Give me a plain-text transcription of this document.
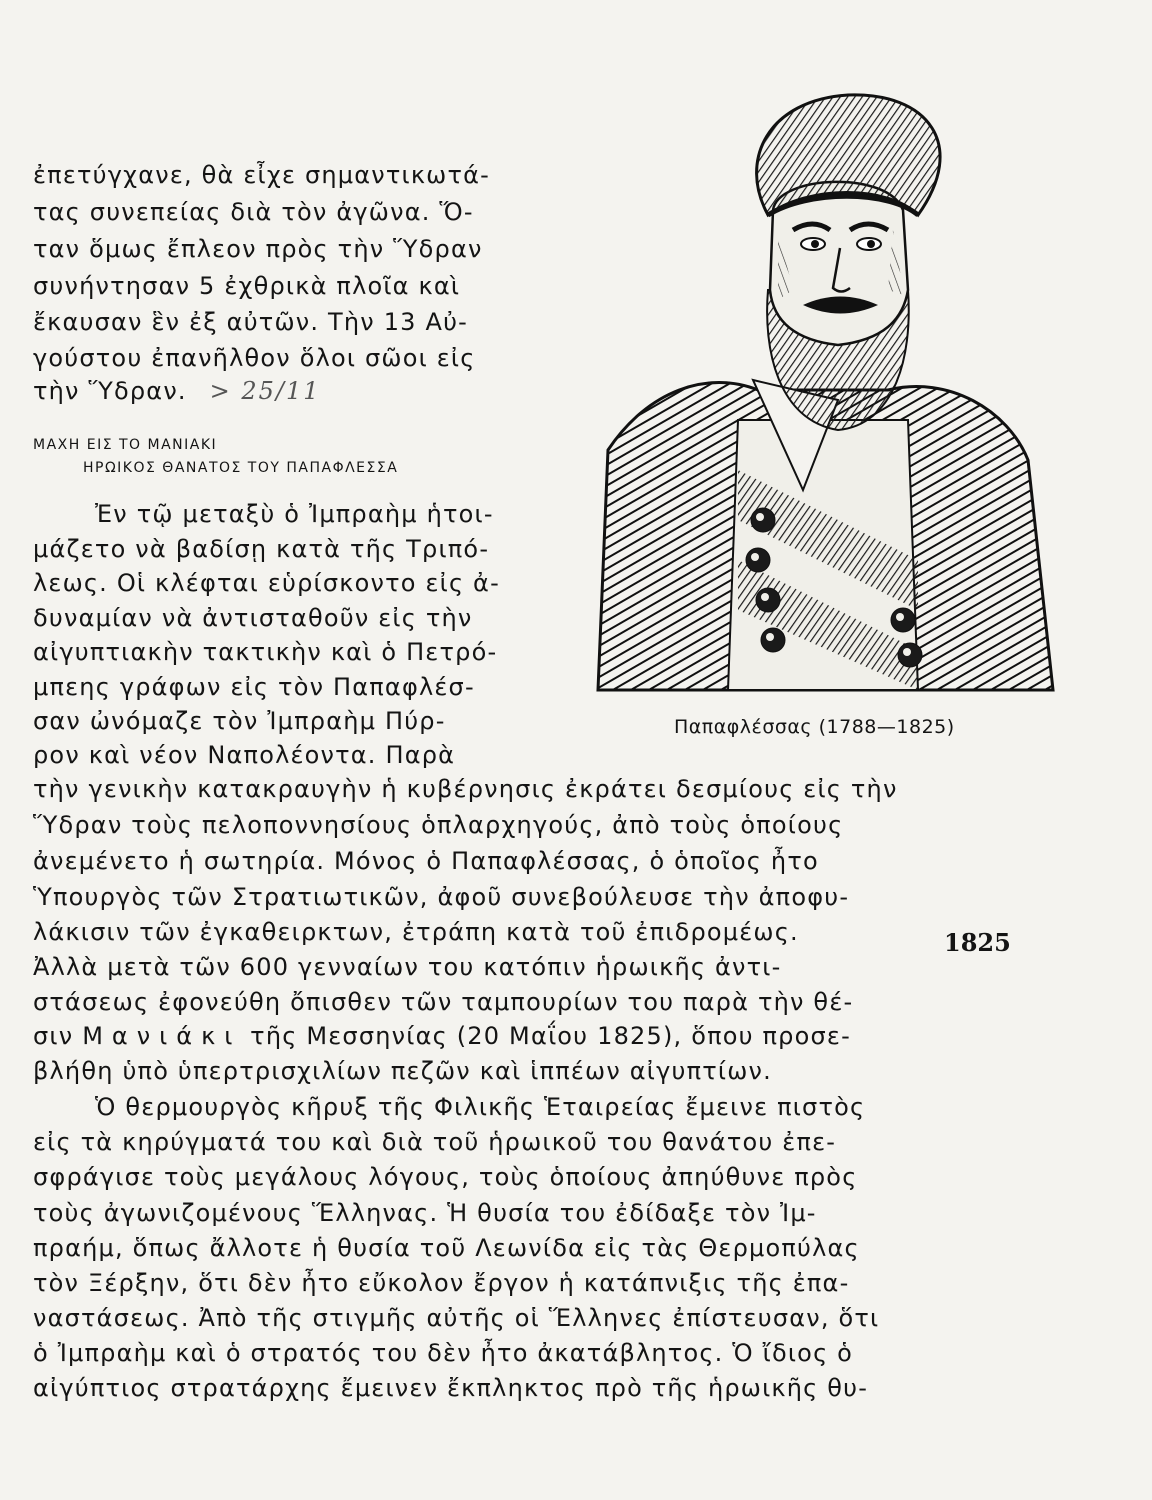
ἐπετύγχανε, θὰ εἶχε σημαντικωτά-
τας συνεπείας διὰ τὸν ἀγῶνα. Ὅ-
ταν ὅμως ἔπλεον πρὸς τὴν Ὕδραν
συνήντησαν 5 ἐχθρικὰ πλοῖα καὶ
ἔκαυσαν ἓν ἐξ αὐτῶν. Τὴν 13 Αὐ-
γούστου ἐπανῆλθον ὅλοι σῶοι εἰς
τὴν Ὕδραν. > 25/11
ΜΑΧΗ ΕΙΣ ΤΟ ΜΑΝΙΑΚΙ
ΗΡΩΙΚΟΣ ΘΑΝΑΤΟΣ ΤΟΥ ΠΑΠΑΦΛΕΣΣΑ
Ἐν τῷ μεταξὺ ὁ Ἰμπραὴμ ἡτοι-
μάζετο νὰ βαδίσῃ κατὰ τῆς Τριπό-
λεως. Οἱ κλέφται εὑρίσκοντο εἰς ἀ-
δυναμίαν νὰ ἀντισταθοῦν εἰς τὴν
αἰγυπτιακὴν τακτικὴν καὶ ὁ Πετρό-
μπεης γράφων εἰς τὸν Παπαφλέσ-
σαν ὠνόμαζε τὸν Ἰμπραὴμ Πύρ-
ρον καὶ νέον Ναπολέοντα. Παρὰ
τὴν γενικὴν κατακραυγὴν ἡ κυβέρνησις ἐκράτει δεσμίους εἰς τὴν
Ὕδραν τοὺς πελοποννησίους ὁπλαρχηγούς, ἀπὸ τοὺς ὁποίους
ἀνεμένετο ἡ σωτηρία. Μόνος ὁ Παπαφλέσσας, ὁ ὁποῖος ἦτο
Ὑπουργὸς τῶν Στρατιωτικῶν, ἀφοῦ συνεβούλευσε τὴν ἀποφυ-
λάκισιν τῶν ἐγκαθειρκτων, ἐτράπη κατὰ τοῦ ἐπιδρομέως.
Ἀλλὰ μετὰ τῶν 600 γενναίων του κατόπιν ἡρωικῆς ἀντι-
στάσεως ἐφονεύθη ὄπισθεν τῶν ταμπουρίων του παρὰ τὴν θέ-
σιν Μανιάκι τῆς Μεσσηνίας (20 Μαΐου 1825), ὅπου προσε-
βλήθη ὑπὸ ὑπερτρισχιλίων πεζῶν καὶ ἱππέων αἰγυπτίων.
Ὁ θερμουργὸς κῆρυξ τῆς Φιλικῆς Ἑταιρείας ἔμεινε πιστὸς
εἰς τὰ κηρύγματά του καὶ διὰ τοῦ ἡρωικοῦ του θανάτου ἐπε-
σφράγισε τοὺς μεγάλους λόγους, τοὺς ὁποίους ἀπηύθυνε πρὸς
τοὺς ἀγωνιζομένους Ἕλληνας. Ἡ θυσία του ἐδίδαξε τὸν Ἰμ-
πραήμ, ὅπως ἄλλοτε ἡ θυσία τοῦ Λεωνίδα εἰς τὰς Θερμοπύλας
τὸν Ξέρξην, ὅτι δὲν ἦτο εὔκολον ἔργον ἡ κατάπνιξις τῆς ἐπα-
ναστάσεως. Ἀπὸ τῆς στιγμῆς αὐτῆς οἱ Ἕλληνες ἐπίστευσαν, ὅτι
ὁ Ἰμπραὴμ καὶ ὁ στρατός του δὲν ἦτο ἀκατάβλητος. Ὁ ἴδιος ὁ
αἰγύπτιος στρατάρχης ἔμεινεν ἔκπληκτος πρὸ τῆς ἡρωικῆς θυ-
Παπαφλέσσας (1788—1825)
1825
